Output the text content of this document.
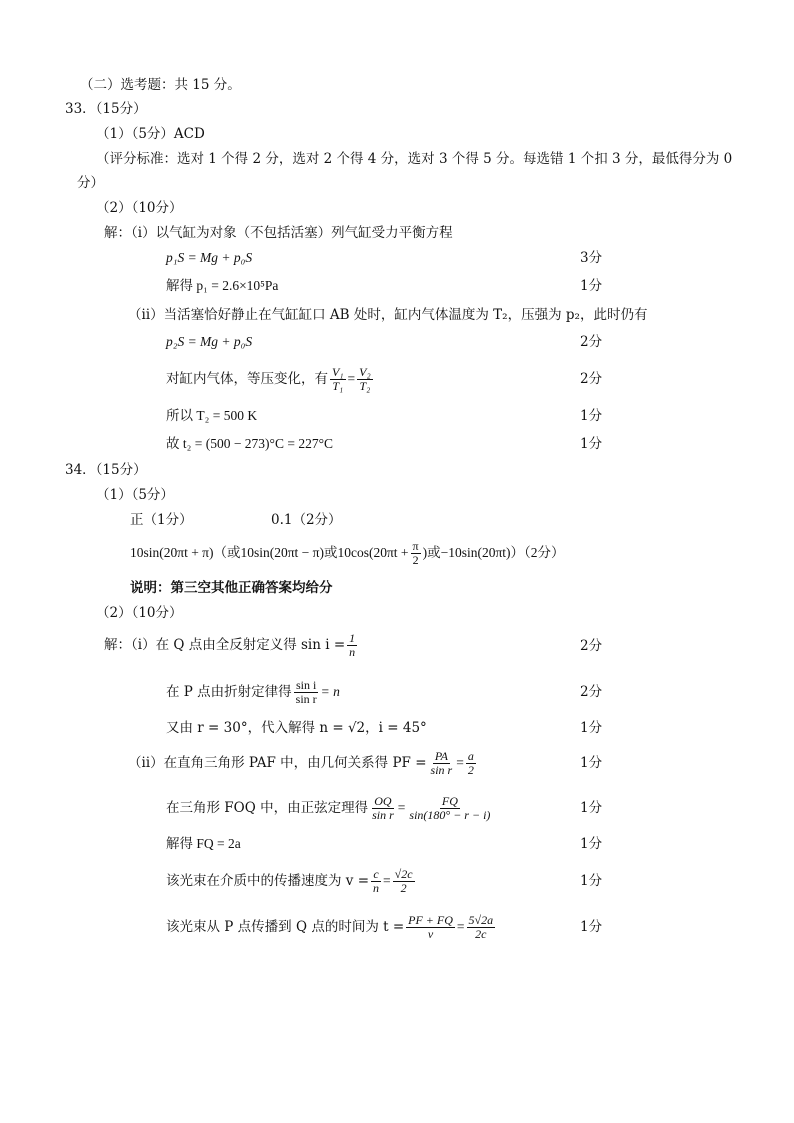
（二）选考题：共 15 分。
33．（15分）
（1）（5分）ACD
（评分标准：选对 1 个得 2 分，选对 2 个得 4 分，选对 3 个得 5 分。每选错 1 个扣 3 分，最低得分为 0
分）
（2）（10分）
解：（ⅰ）以气缸为对象（不包括活塞）列气缸受力平衡方程
p₁S = Mg + p₀S	3分
解得 p₁ = 2.6×10⁵Pa	1分
（ⅱ）当活塞恰好静止在气缸缸口 AB 处时，缸内气体温度为 T₂，压强为 p₂，此时仍有
p₂S = Mg + p₀S	2分
对缸内气体，等压变化，有 $\frac{\text{V₁}}{\text{T₁}} = \frac{\text{V₂}}{\text{T₂}}$	2分
所以 T₂ = 500 K	1分
故 t₂ = (500 − 273)°C = 227°C	1分
34．（15分）
（1）（5分）
正（1分）	0.1（2分）
10sin(20πt + π)（或10sin(20πt − π)或$10\cos(20\pi t + \frac{\pi}{2}$ )或−10sin(20πt)）（2分）
说明：第三空其他正确答案均给分
（2）（10分）
解：（ⅰ）在 Q 点由全反射定义得 $\sin i = \frac{1}{n}$	2分
在 P 点由折射定律得 $\frac{\text{sin i}}{\text{sin r}} = n$	2分
又由 r = 30°，代入解得 n = √2，i = 45°	1分
（ⅱ）在直角三角形 PAF 中，由几何关系得 PF = $\frac{PA}{\text{sin r}} = \frac{a}{2}$	1分
在三角形 FOQ 中，由正弦定理得 $\frac{OQ}{\text{sin r}} = \frac{FQ}{\sin(180^\circ - r - i)}$	1分
解得 FQ = 2a	1分
该光束在介质中的传播速度为 $v = \frac{c}{n} = \frac{√2c}{2}$	1分
该光束从 P 点传播到 Q 点的时间为 $t = \frac{PF + FQ}{v} = \frac{5√2a}{2c}$	1分
